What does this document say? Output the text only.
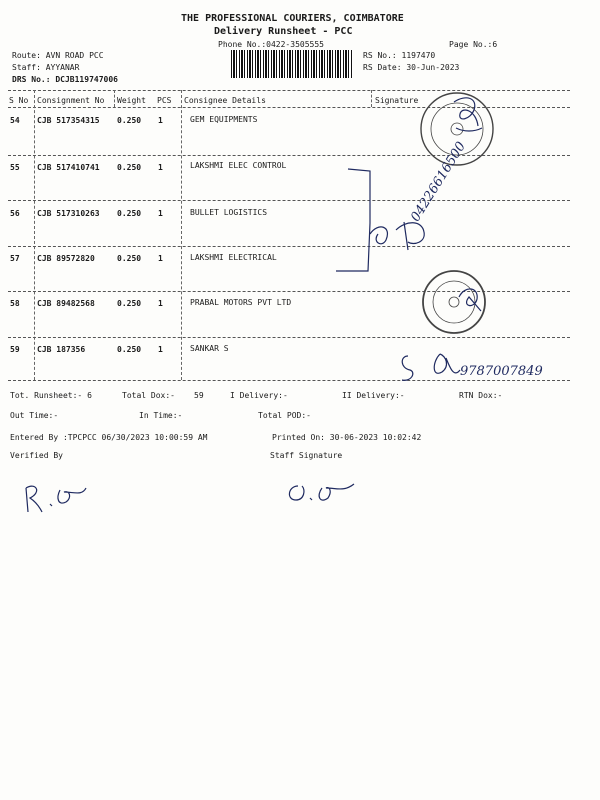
THE PROFESSIONAL COURIERS, COIMBATORE
Delivery Runsheet - PCC
Phone No.:0422-3505555	Page No.:6
Route: AVN ROAD PCC
Staff: AYYANAR
DRS No.: DCJB119747006
RS No.: 1197470
RS Date: 30-Jun-2023
S No Consignment No Weight PCS Consignee Details	Signature
54 CJB 517354315 0.250 1	GEM EQUIPMENTS
55 CJB 517410741 0.250 1	LAKSHMI ELEC CONTROL
56 CJB 517310263 0.250 1	BULLET LOGISTICS
57 CJB 89572820	0.250 1	LAKSHMI ELECTRICAL
58 CJB 89482568	0.250 1	PRABAL MOTORS PVT LTD
59 CJB 187356	0.250 1	SANKAR S
Tot. Runsheet:- 6	Total Dox:- 59	I Delivery:-	II Delivery:-	RTN Dox:-
Out Time:-	In Time:-	Total POD:-
Entered By :TPCPCC 06/30/2023 10:00:59 AM	Printed On: 30-06-2023 10:02:42
Verified By	Staff Signature
04226616500
9787007849
